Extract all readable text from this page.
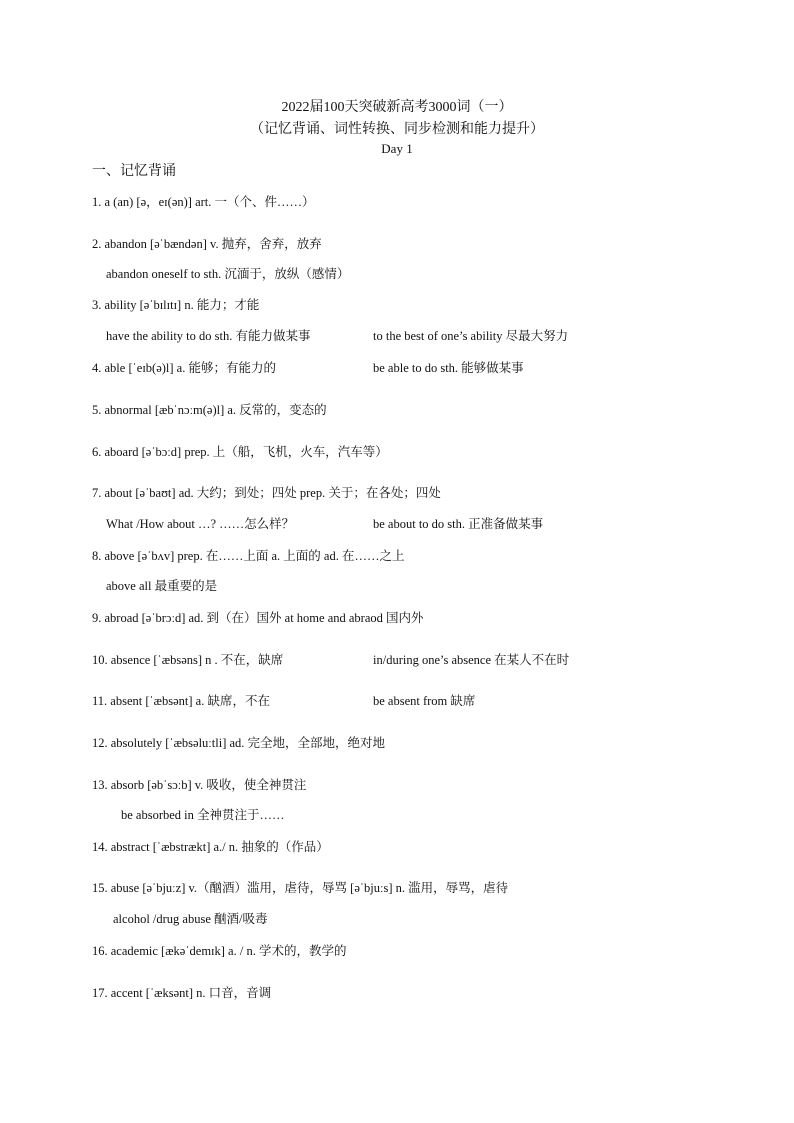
2022届100天突破新高考3000词（一）
（记忆背诵、词性转换、同步检测和能力提升）
Day 1
一、记忆背诵
1. a (an) [ə，eɪ(ən)] art. 一（个、件……）
2. abandon [əˈbændən] v. 抛弃，舍弃，放弃
abandon oneself to sth. 沉湎于，放纵（感情）
3. ability [əˈbɪlɪtɪ] n. 能力；才能
have the ability to do sth. 有能力做某事	to the best of one’s ability 尽最大努力
4. able [ˈeɪb(ə)l] a. 能够；有能力的	be able to do sth. 能够做某事
5. abnormal [æbˈnɔːm(ə)l] a. 反常的，变态的
6. aboard [əˈbɔːd] prep. 上（船，飞机，火车，汽车等）
7. about [əˈbaʊt] ad. 大约；到处；四处 prep. 关于；在各处；四处
What /How about …? ……怎么样？	be about to do sth. 正准备做某事
8. above [əˈbʌv] prep. 在……上面 a. 上面的 ad. 在……之上
above all 最重要的是
9. abroad [əˈbrɔːd] ad. 到（在）国外 at home and abraod 国内外
10. absence [ˈæbsəns] n . 不在，缺席	in/during one’s absence 在某人不在时
11. absent [ˈæbsənt] a. 缺席，不在	be absent from 缺席
12. absolutely [ˈæbsəluːtli] ad. 完全地，全部地，绝对地
13. absorb [əbˈsɔːb] v. 吸收，使全神贯注
be absorbed in 全神贯注于……
14. abstract [ˈæbstrækt] a./ n. 抽象的（作品）
15. abuse [əˈbjuːz] v.（酗酒）滥用，虐待，辱骂 [əˈbjuːs] n. 滥用，辱骂，虐待
alcohol /drug abuse 酗酒/吸毒
16. academic [ækəˈdemɪk] a. / n. 学术的，教学的
17. accent [ˈæksənt] n. 口音，音调
